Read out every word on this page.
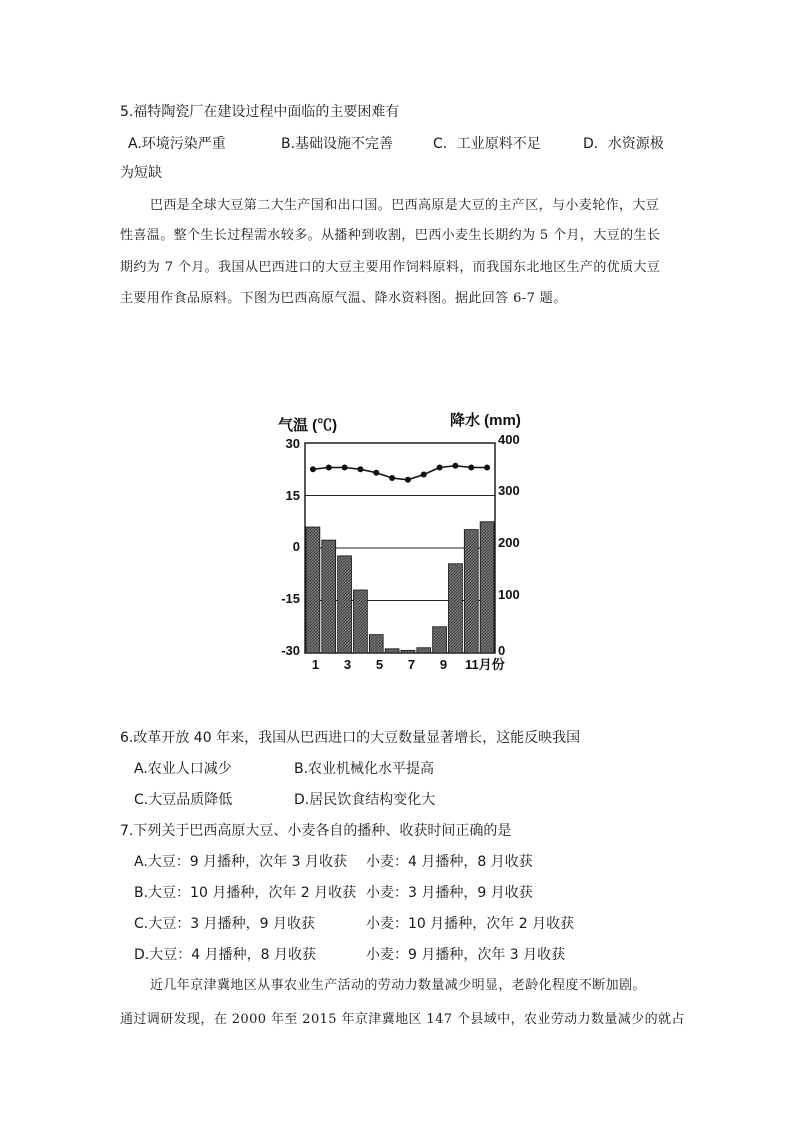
5.福特陶瓷厂在建设过程中面临的主要困难有
A.环境污染严重	B.基础设施不完善	C．工业原料不足	D．水资源极
为短缺
巴西是全球大豆第二大生产国和出口国。巴西高原是大豆的主产区，与小麦轮作，大豆
性喜温。整个生长过程需水较多。从播种到收割，巴西小麦生长期约为 5 个月，大豆的生长
期约为 7 个月。我国从巴西进口的大豆主要用作饲料原料，而我国东北地区生产的优质大豆
主要用作食品原料。下图为巴西高原气温、降水资料图。据此回答 6-7 题。
气温 (℃)	降水 (mm)
30
15
0
-15
-30
400
300
200
100
0
1 3 5 7 9 11月份
6.改革开放 40 年来，我国从巴西进口的大豆数量显著增长，这能反映我国
A.农业人口减少	B.农业机械化水平提高
C.大豆品质降低	D.居民饮食结构变化大
7.下列关于巴西高原大豆、小麦各自的播种、收获时间正确的是
A.大豆：9 月播种，次年 3 月收获 小麦：4 月播种，8 月收获
B.大豆：10 月播种，次年 2 月收获 小麦：3 月播种，9 月收获
C.大豆：3 月播种，9 月收获	小麦：10 月播种，次年 2 月收获
D.大豆：4 月播种，8 月收获	小麦：9 月播种，次年 3 月收获
近几年京津冀地区从事农业生产活动的劳动力数量减少明显，老龄化程度不断加剧。
通过调研发现，在 2000 年至 2015 年京津冀地区 147 个县域中，农业劳动力数量减少的就占
